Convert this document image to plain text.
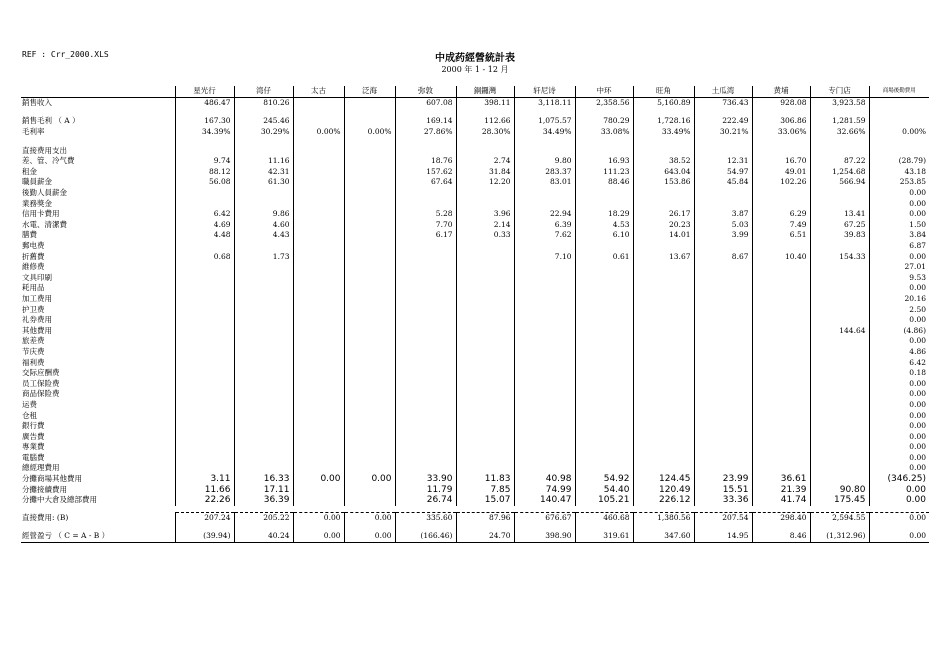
REF : Crr_2000.XLS	中成药經營統計表
2000 年 1 - 12 月
	星光行	湾仔	太古	泛海	弥敦	銅鑼灣	轩尼诗	中环	旺角	土瓜湾	黄埔	专门店	商場後勤費用
銷售收入	486.47	810.26			607.08	398.11	3,118.11	2,358.56	5,160.89	736.43	928.08	3,923.58	

銷售毛利 （ A ）	167.30	245.46			169.14	112.66	1,075.57	780.29	1,728.16	222.49	306.86	1,281.59	
毛利率	34.39%	30.29%	0.00%	0.00%	27.86%	28.30%	34.49%	33.08%	33.49%	30.21%	33.06%	32.66%	0.00%

直接费用支出													
差、管、冷气費	9.74	11.16			18.76	2.74	9.80	16.93	38.52	12.31	16.70	87.22	(28.79)
租金	88.12	42.31			157.62	31.84	283.37	111.23	643.04	54.97	49.01	1,254.68	43.18
職員薪金	56.08	61.30			67.64	12.20	83.01	88.46	153.86	45.84	102.26	566.94	253.85
後勤人員薪金													0.00
業務獎金													0.00
信用卡費用	6.42	9.86			5.28	3.96	22.94	18.29	26.17	3.87	6.29	13.41	0.00
水電、清潔費	4.69	4.60			7.70	2.14	6.39	4.53	20.23	5.03	7.49	67.25	1.50
膳費	4.48	4.43			6.17	0.33	7.62	6.10	14.01	3.99	6.51	39.83	3.84
郵电费													6.87
折舊費	0.68	1.73					7.10	0.61	13.67	8.67	10.40	154.33	0.00
維修费													27.01
文具印刷													9.53
耗用品													0.00
加工费用													20.16
护卫费													2.50
礼券费用													0.00
其他費用												144.64	(4.86)
旅差费													0.00
节庆费													4.86
福利费													6.42
交际应酬费													0.18
员工保险费													0.00
商品保险费													0.00
运费													0.00
仓租													0.00
銀行費													0.00
廣告費													0.00
專業費													0.00
電腦費													0.00
總經理費用													0.00
分攤商場其他費用	3.11	16.33	0.00	0.00	33.90	11.83	40.98	54.92	124.45	23.99	36.61		(346.25)
分攤接續費用	11.66	17.11			11.79	7.85	74.99	54.40	120.49	15.51	21.39	90.80	0.00
分攤中大倉及總部費用	22.26	36.39			26.74	15.07	140.47	105.21	226.12	33.36	41.74	175.45	0.00

直接費用: (B)	207.24	205.22	0.00	0.00	335.60	87.96	676.67	460.68	1,380.56	207.54	298.40	2,594.55	0.00

經營盈亏 （ C = A - B ）	(39.94)	40.24	0.00	0.00	(166.46)	24.70	398.90	319.61	347.60	14.95	8.46	(1,312.96)	0.00
